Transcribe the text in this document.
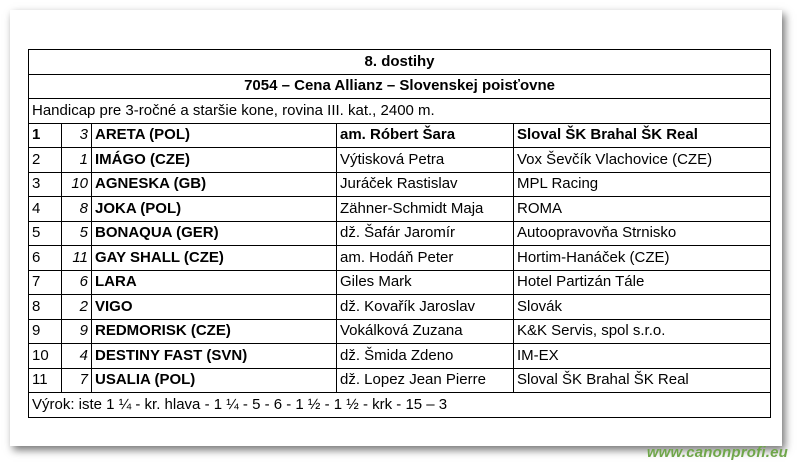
8. dostihy				
7054 – Cena Allianz – Slovenskej poisťovne				
Handicap pre 3-ročné a staršie kone, rovina III. kat., 2400 m.				
1	3	ARETA (POL)	am. Róbert Šara	Sloval ŠK Brahal ŠK Real
2	1	IMÁGO (CZE)	Výtisková Petra	Vox Ševčík Vlachovice (CZE)
3	10	AGNESKA (GB)	Juráček Rastislav	MPL Racing
4	8	JOKA (POL)	Zähner-Schmidt Maja	ROMA
5	5	BONAQUA (GER)	dž. Šafár Jaromír	Autoopravovňa Strnisko
6	11	GAY SHALL (CZE)	am. Hodáň Peter	Hortim-Hanáček (CZE)
7	6	LARA	Giles Mark	Hotel Partizán Tále
8	2	VIGO	dž. Kovařík Jaroslav	Slovák
9	9	REDMORISK (CZE)	Vokálková Zuzana	K&K Servis, spol s.r.o.
10	4	DESTINY FAST (SVN)	dž. Šmida Zdeno	IM-EX
11	7	USALIA (POL)	dž. Lopez Jean Pierre	Sloval ŠK Brahal ŠK Real
Výrok: iste 1 ¼ - kr. hlava - 1 ¼ - 5 - 6 - 1 ½ - 1 ½ - krk - 15 – 3				
www.canonprofi.eu
